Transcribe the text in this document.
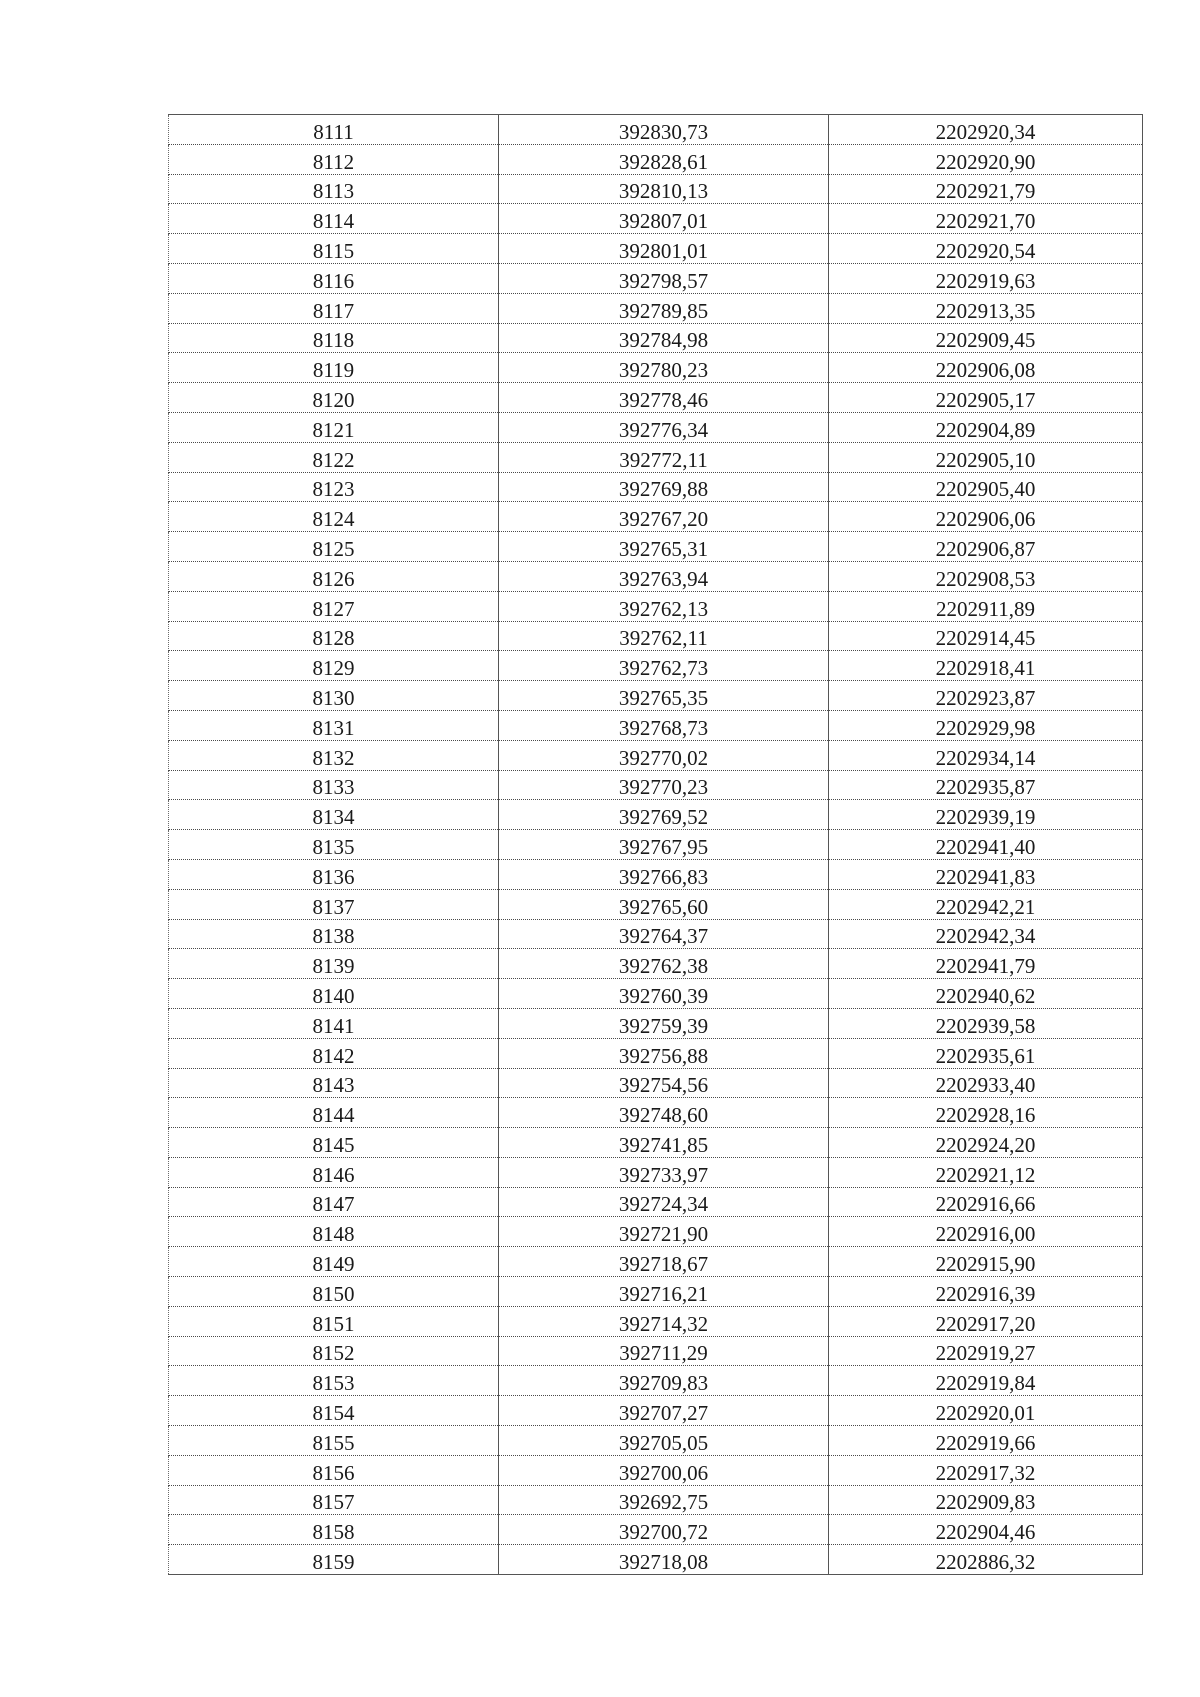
8111	392830,73	2202920,34
8112	392828,61	2202920,90
8113	392810,13	2202921,79
8114	392807,01	2202921,70
8115	392801,01	2202920,54
8116	392798,57	2202919,63
8117	392789,85	2202913,35
8118	392784,98	2202909,45
8119	392780,23	2202906,08
8120	392778,46	2202905,17
8121	392776,34	2202904,89
8122	392772,11	2202905,10
8123	392769,88	2202905,40
8124	392767,20	2202906,06
8125	392765,31	2202906,87
8126	392763,94	2202908,53
8127	392762,13	2202911,89
8128	392762,11	2202914,45
8129	392762,73	2202918,41
8130	392765,35	2202923,87
8131	392768,73	2202929,98
8132	392770,02	2202934,14
8133	392770,23	2202935,87
8134	392769,52	2202939,19
8135	392767,95	2202941,40
8136	392766,83	2202941,83
8137	392765,60	2202942,21
8138	392764,37	2202942,34
8139	392762,38	2202941,79
8140	392760,39	2202940,62
8141	392759,39	2202939,58
8142	392756,88	2202935,61
8143	392754,56	2202933,40
8144	392748,60	2202928,16
8145	392741,85	2202924,20
8146	392733,97	2202921,12
8147	392724,34	2202916,66
8148	392721,90	2202916,00
8149	392718,67	2202915,90
8150	392716,21	2202916,39
8151	392714,32	2202917,20
8152	392711,29	2202919,27
8153	392709,83	2202919,84
8154	392707,27	2202920,01
8155	392705,05	2202919,66
8156	392700,06	2202917,32
8157	392692,75	2202909,83
8158	392700,72	2202904,46
8159	392718,08	2202886,32
